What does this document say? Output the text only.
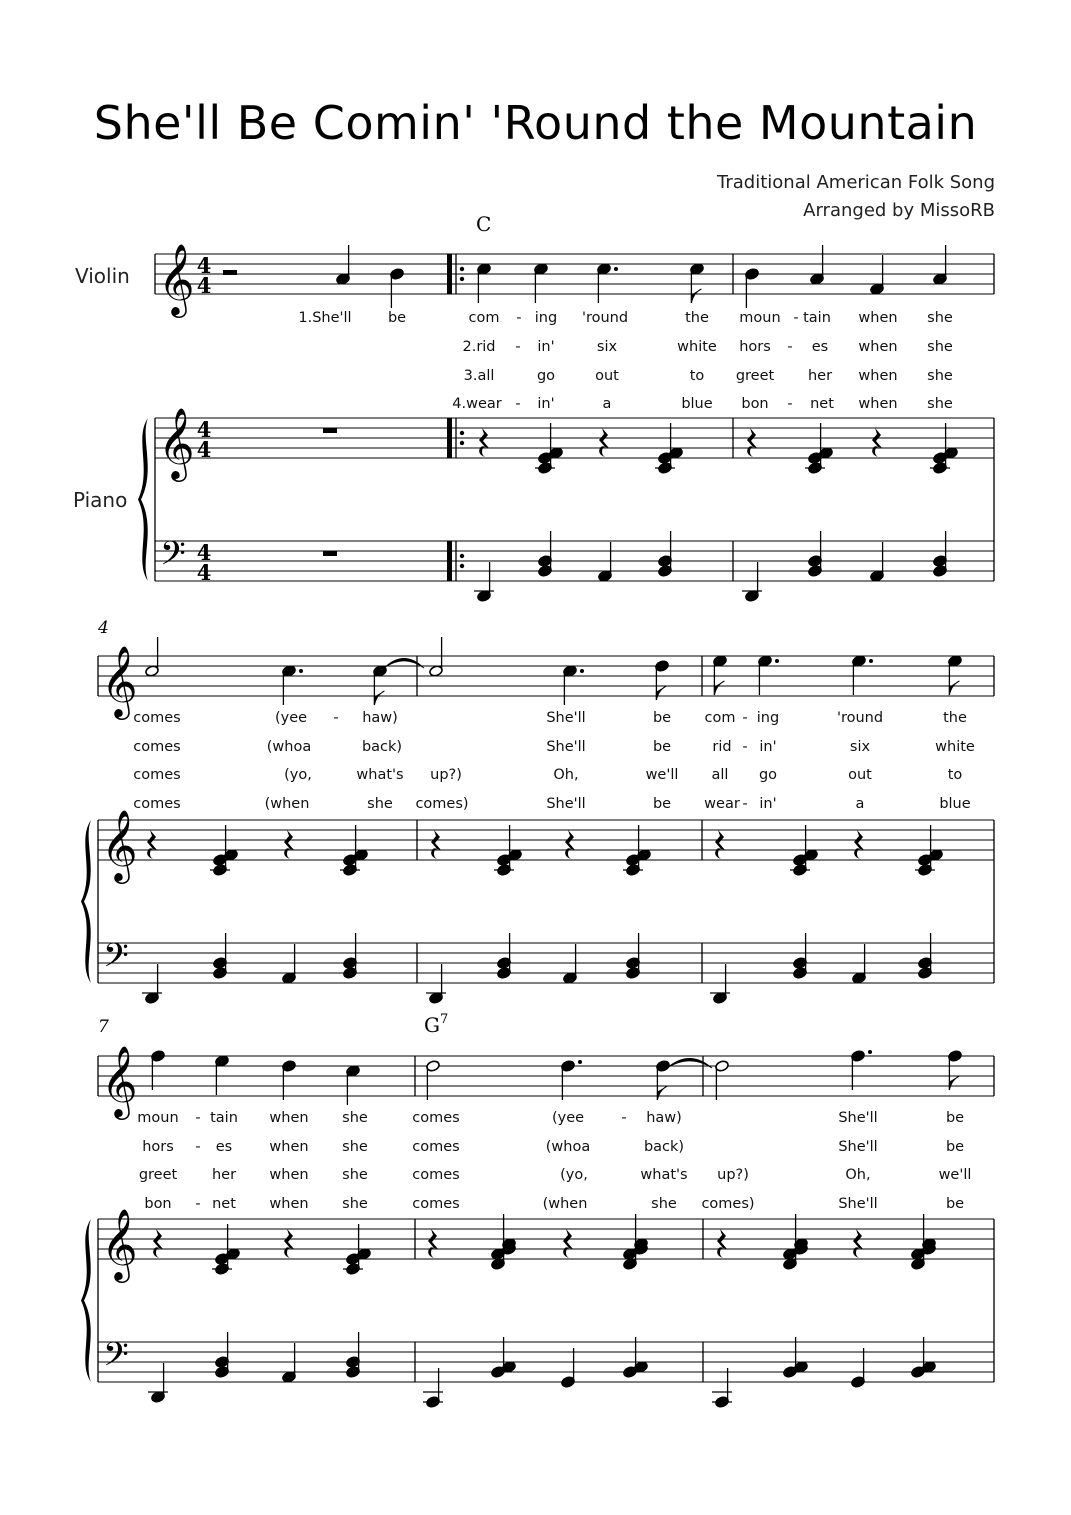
She'll Be Comin' 'Round the Mountain
Traditional American Folk Song
Arranged by MissoRB
𝄞 4
4
𝄞 4
4
𝄢 4
4
Violin
Piano
C
1.She'll	be	com - ing 'round	the moun - tain when she
2.rid - in'	six	white hors - es when she
3.all	go	out	to greet her when she
4.wear - in'	a	blue bon - net when she
𝄞
𝄞
𝄢
4
comes	(yee - haw)	She'll	be com - ing	'round	the
comes	(whoa	back)	She'll	be	rid - in'	six	white
comes	(yo,	what's up?)	Oh,	we'll all go	out	to
comes	(when	she comes)	She'll	be wear - in'	a	blue
𝄞
𝄞
𝄢
7	G 7
moun - tain when she	comes	(yee	- haw)	She'll	be
hors - es	when she	comes	(whoa	back)	She'll	be
greet her when she	comes	(yo,	what's up?)	Oh,	we'll
bon - net when she	comes	(when	she comes)	She'll	be
